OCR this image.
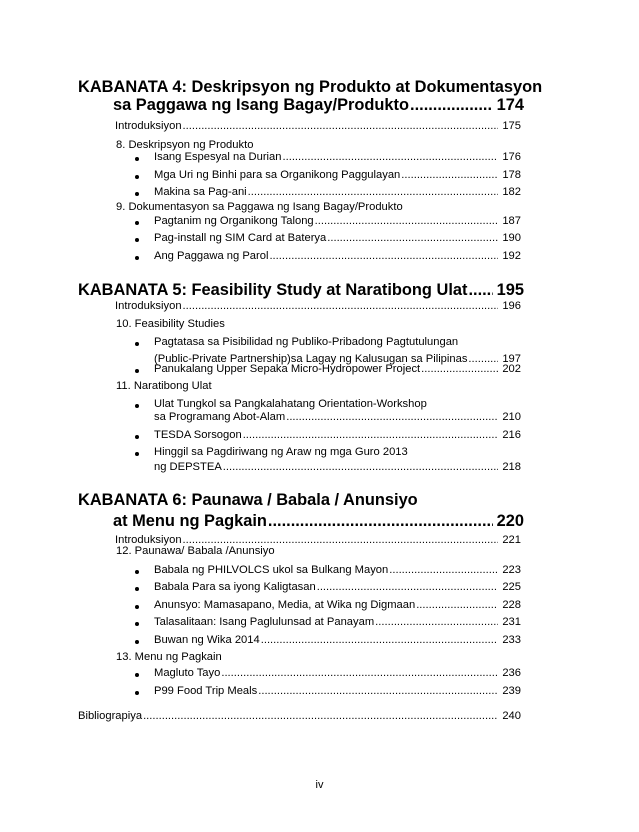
KABANATA 4: Deskripsyon ng Produkto at Dokumentasyon
sa Paggawa ng Isang Bagay/Produkto .....	174
Introduksiyon .....	175
8. Deskripsyon ng Produkto
Isang Espesyal na Durian .....	176
Mga Uri ng Binhi para sa Organikong Paggulayan .....	178
Makina sa Pag-ani .....	182
9. Dokumentasyon sa Paggawa ng Isang Bagay/Produkto
Pagtanim ng Organikong Talong .....	187
Pag-install ng SIM Card at Baterya .....	190
Ang Paggawa ng Parol .....	192
KABANATA 5: Feasibility Study at Naratibong Ulat ..... 195
Introduksiyon .....	196
10. Feasibility Studies
Pagtatasa sa Pisibilidad ng Publiko-Pribadong Pagtutulungan
(Public-Private Partnership)sa Lagay ng Kalusugan sa Pilipinas .....	197
Panukalang Upper Sepaka Micro-Hydropower Project .....	202
11. Naratibong Ulat
Ulat Tungkol sa Pangkalahatang Orientation-Workshop
sa Programang Abot-Alam .....	210
TESDA Sorsogon .....	216
Hinggil sa Pagdiriwang ng Araw ng mga Guro 2013
ng DEPSTEA .....	218
KABANATA 6: Paunawa / Babala / Anunsiyo
at Menu ng Pagkain .....	220
Introduksiyon .....	221
12. Paunawa/ Babala /Anunsiyo
Babala ng PHILVOLCS ukol sa Bulkang Mayon .....	223
Babala Para sa iyong Kaligtasan .....	225
Anunsyo: Mamasapano, Media, at Wika ng Digmaan .....	228
Talasalitaan: Isang Paglulunsad at Panayam .....	231
Buwan ng Wika 2014 .....	233
13. Menu ng Pagkain
Magluto Tayo .....	236
P99 Food Trip Meals .....	239
Bibliograpiya .....	240
iv
